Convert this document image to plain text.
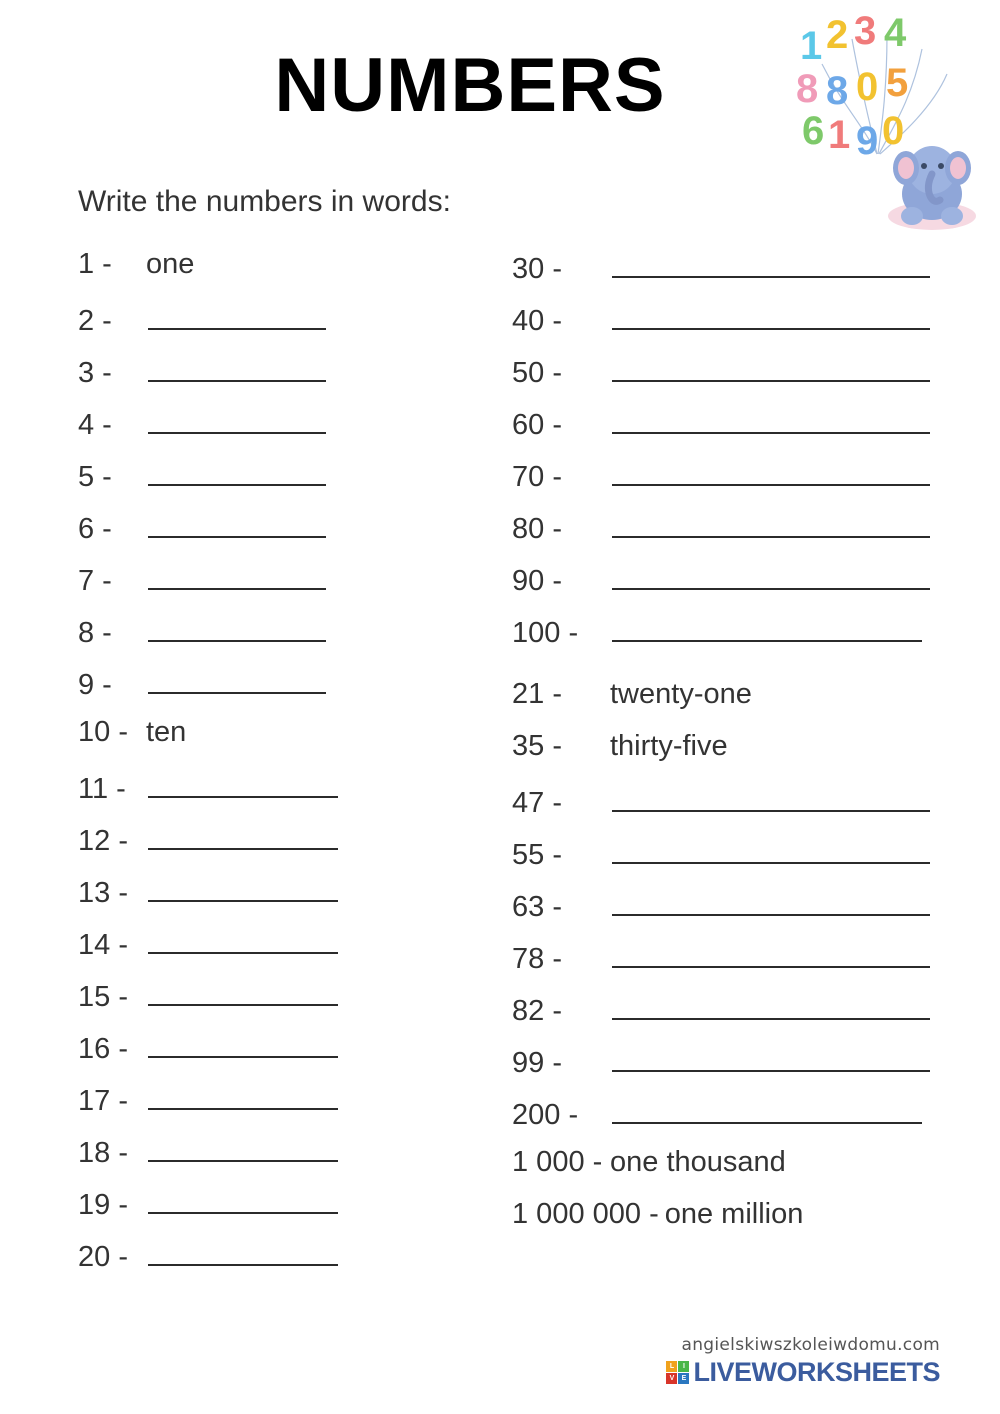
NUMBERS	1 2 3 4
8 8 0 5
6 1 9 0
Write the numbers in words:
1 -	one
2 -
3 -
4 -
5 -
6 -
7 -
8 -
9 -
10 - ten
11 -
12 -
13 -
14 -
15 -
16 -
17 -
18 -
19 -
20 -
30 -
40 -
50 -
60 -
70 -
80 -
90 -
100 -
21 -	twenty-one
35 -	thirty-five
47 -
55 -
63 -
78 -
82 -
99 -
200 -
1 000 - one thousand
1 000 000 - one million
angielskiwszkoleiwdomu.com
L	I
V	E LIVEWORKSHEETS
